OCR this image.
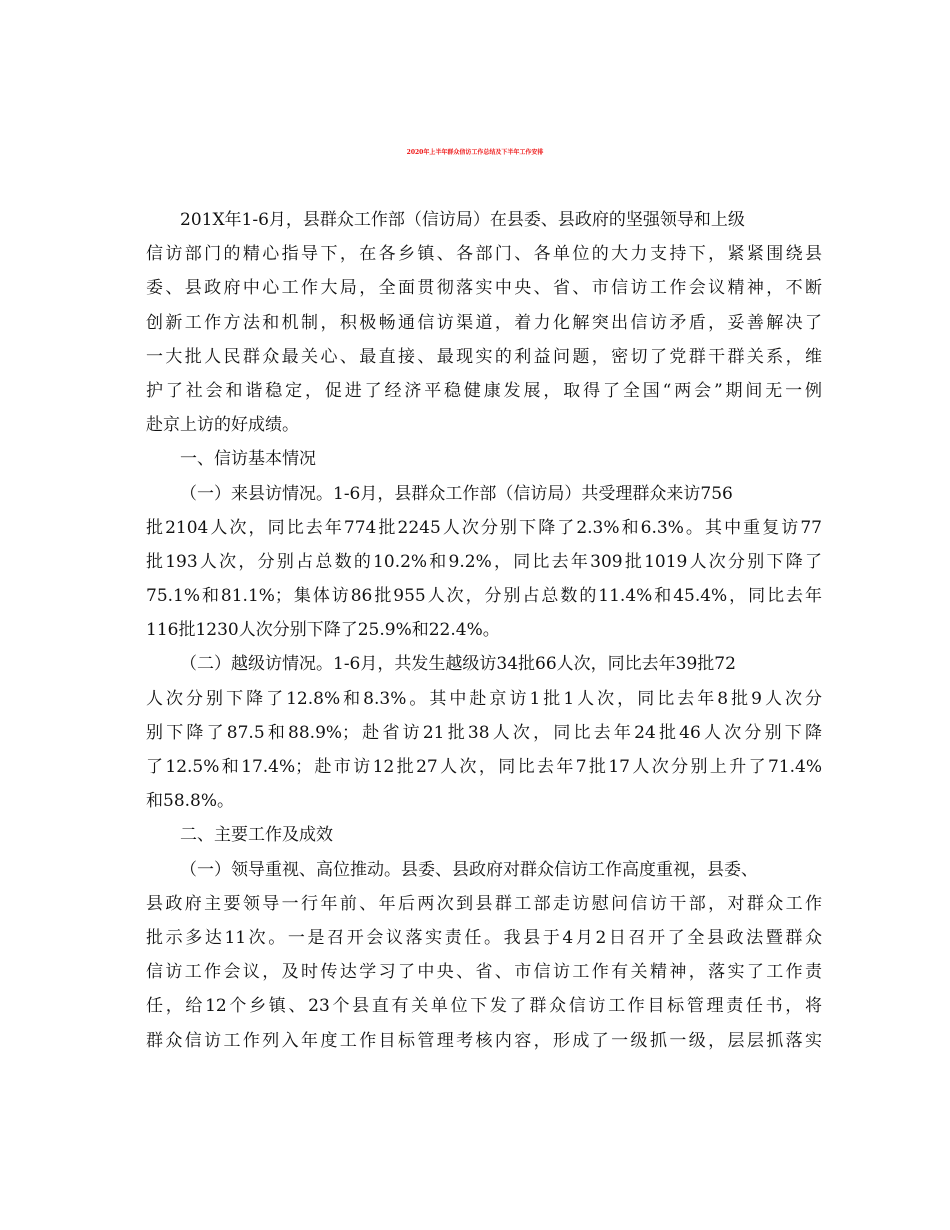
2020年上半年群众信访工作总结及下半年工作安排
201X年1-6月，县群众工作部（信访局）在县委、县政府的坚强领导和上级
信访部门的精心指导下，在各乡镇、各部门、各单位的大力支持下，紧紧围绕县
委、县政府中心工作大局，全面贯彻落实中央、省、市信访工作会议精神，不断
创新工作方法和机制，积极畅通信访渠道，着力化解突出信访矛盾，妥善解决了
一大批人民群众最关心、最直接、最现实的利益问题，密切了党群干群关系，维
护了社会和谐稳定，促进了经济平稳健康发展，取得了全国“两会”期间无一例
赴京上访的好成绩。
一、信访基本情况
（一）来县访情况。1-6月，县群众工作部（信访局）共受理群众来访756
批2104人次，同比去年774批2245人次分别下降了2.3%和6.3%。其中重复访77
批193人次，分别占总数的10.2%和9.2%，同比去年309批1019人次分别下降了
75.1%和81.1%；集体访86批955人次，分别占总数的11.4%和45.4%，同比去年
116批1230人次分别下降了25.9%和22.4%。
（二）越级访情况。1-6月，共发生越级访34批66人次，同比去年39批72
人次分别下降了12.8%和8.3%。其中赴京访1批1人次，同比去年8批9人次分
别下降了87.5和88.9%；赴省访21批38人次，同比去年24批46人次分别下降
了12.5%和17.4%；赴市访12批27人次，同比去年7批17人次分别上升了71.4%
和58.8%。
二、主要工作及成效
（一）领导重视、高位推动。县委、县政府对群众信访工作高度重视，县委、
县政府主要领导一行年前、年后两次到县群工部走访慰问信访干部，对群众工作
批示多达11次。一是召开会议落实责任。我县于4月2日召开了全县政法暨群众
信访工作会议，及时传达学习了中央、省、市信访工作有关精神，落实了工作责
任，给12个乡镇、23个县直有关单位下发了群众信访工作目标管理责任书，将
群众信访工作列入年度工作目标管理考核内容，形成了一级抓一级，层层抓落实
